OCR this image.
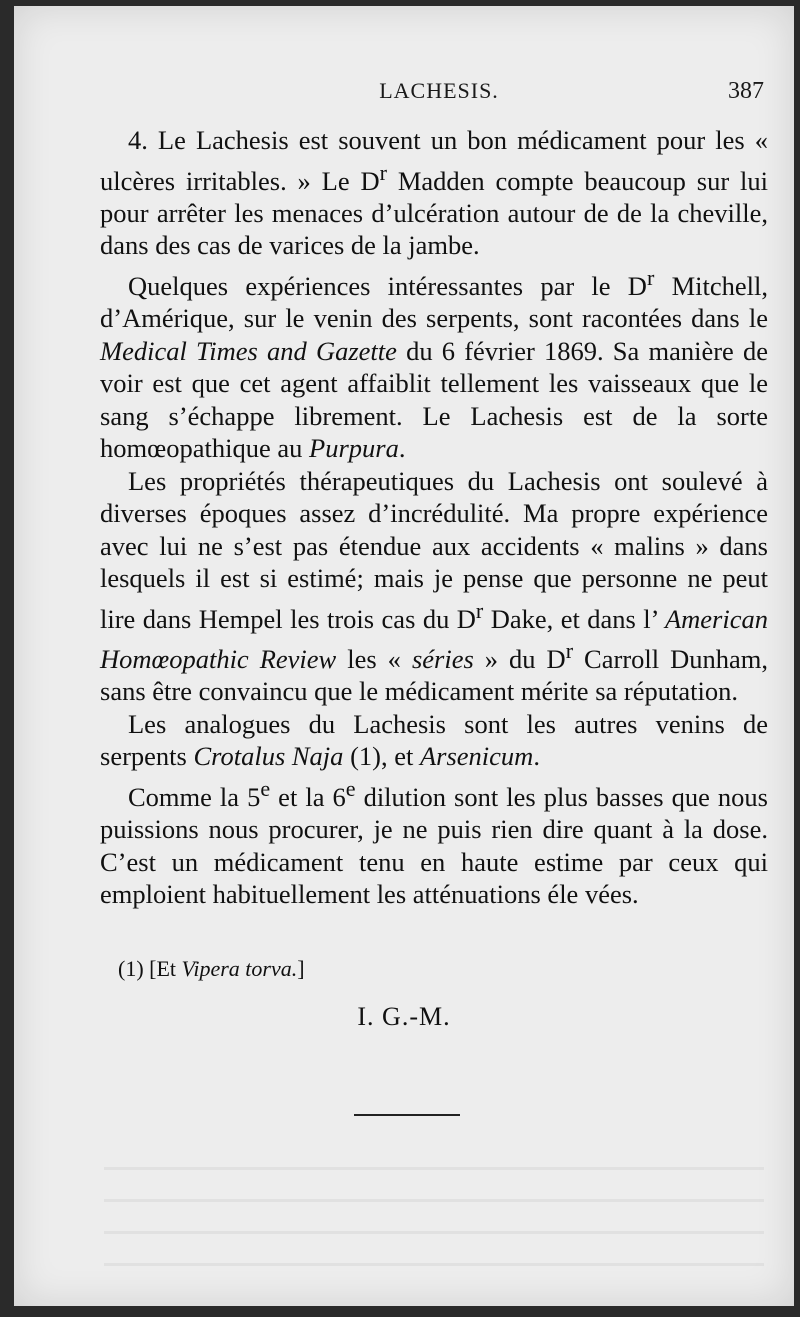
LACHESIS.	387

4. Le Lachesis est souvent un bon médicament pour les « ulcères irritables. » Le $D^r$ Madden compte beaucoup sur lui pour arrêter les menaces d’ulcération autour de de la cheville, dans des cas de varices de la jambe.

Quelques expériences intéressantes par le $D^r$ Mitchell, d’Amérique, sur le venin des serpents, sont racontées dans le Medical Times and Gazette du 6 février 1869. Sa manière de voir est que cet agent affaiblit tellement les vaisseaux que le sang s’échappe librement. Le Lachesis est de la sorte homœopathique au Purpura.

Les propriétés thérapeutiques du Lachesis ont soulevé à diverses époques assez d’incrédulité. Ma propre expérience avec lui ne s’est pas étendue aux accidents « malins » dans lesquels il est si estimé; mais je pense que personne ne peut lire dans Hempel les trois cas du $D^r$ Dake, et dans l’ American Homœopathic Review les « séries » du $D^r$ Carroll Dunham, sans être convaincu que le médicament mérite sa réputation.

Les analogues du Lachesis sont les autres venins de serpents Crotalus Naja (1), et Arsenicum.

Comme la 5e et la 6e dilution sont les plus basses que nous puissions nous procurer, je ne puis rien dire quant à la dose. C’est un médicament tenu en haute estime par ceux qui emploient habituellement les atténuations éle vées.

(1) [Et Vipera torva.]
I. G.-M.
